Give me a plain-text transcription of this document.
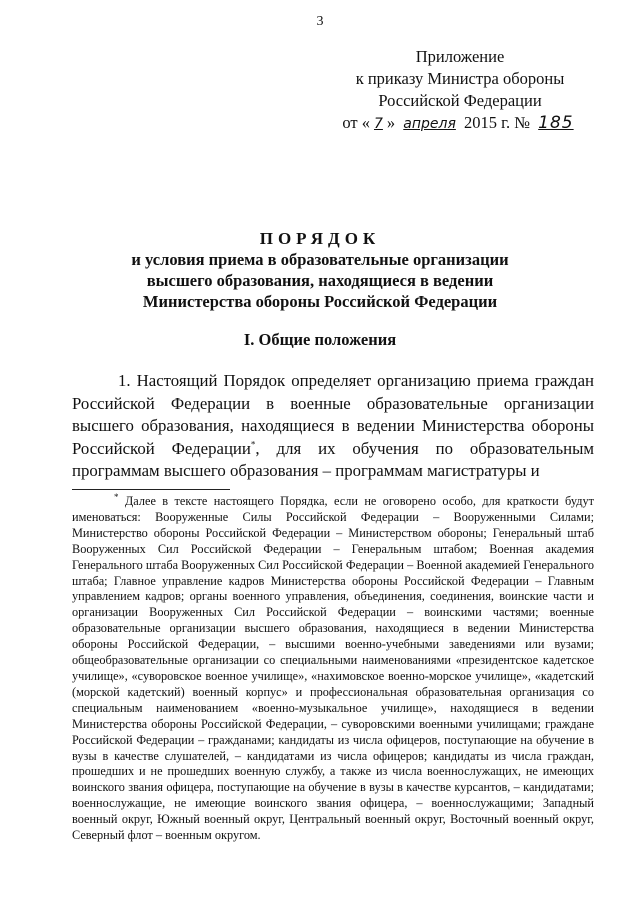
3
Приложение
к приказу Министра обороны
Российской Федерации
от « 7 » апреля 2015 г. № 185
ПОРЯДОК
и условия приема в образовательные организации
высшего образования, находящиеся в ведении
Министерства обороны Российской Федерации
I. Общие положения

1. Настоящий Порядок определяет организацию приема граждан Российской Федерации в военные образовательные организации высшего образования, находящиеся в ведении Министерства обороны Российской Федерации*, для их обучения по образовательным программам высшего образования – программам магистратуры и

* Далее в тексте настоящего Порядка, если не оговорено особо, для краткости будут именоваться: Вооруженные Силы Российской Федерации – Вооруженными Силами; Министерство обороны Российской Федерации – Министерством обороны; Генеральный штаб Вооруженных Сил Российской Федерации – Генеральным штабом; Военная академия Генерального штаба Вооруженных Сил Российской Федерации – Военной академией Генерального штаба; Главное управление кадров Министерства обороны Российской Федерации – Главным управлением кадров; органы военного управления, объединения, соединения, воинские части и организации Вооруженных Сил Российской Федерации – воинскими частями; военные образовательные организации высшего образования, находящиеся в ведении Министерства обороны Российской Федерации, – высшими военно-учебными заведениями или вузами; общеобразовательные организации со специальными наименованиями «президентское кадетское училище», «суворовское военное училище», «нахимовское военно-морское училище», «кадетский (морской кадетский) военный корпус» и профессиональная образовательная организация со специальным наименованием «военно-музыкальное училище», находящиеся в ведении Министерства обороны Российской Федерации, – суворовскими военными училищами; граждане Российской Федерации – гражданами; кандидаты из числа офицеров, поступающие на обучение в вузы в качестве слушателей, – кандидатами из числа офицеров; кандидаты из числа граждан, прошедших и не прошедших военную службу, а также из числа военнослужащих, не имеющих воинского звания офицера, поступающие на обучение в вузы в качестве курсантов, – кандидатами; военнослужащие, не имеющие воинского звания офицера, – военнослужащими; Западный военный округ, Южный военный округ, Центральный военный округ, Восточный военный округ, Северный флот – военным округом.
